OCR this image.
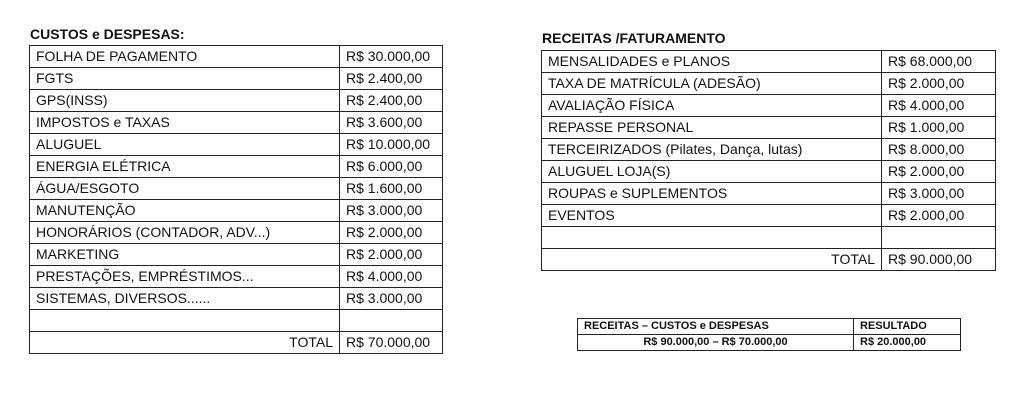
CUSTOS e DESPESAS:
FOLHA DE PAGAMENTO	R$ 30.000,00
FGTS	R$ 2.400,00
GPS(INSS)	R$ 2.400,00
IMPOSTOS e TAXAS	R$ 3.600,00
ALUGUEL	R$ 10.000,00
ENERGIA ELÉTRICA	R$ 6.000,00
ÁGUA/ESGOTO	R$ 1.600,00
MANUTENÇÃO	R$ 3.000,00
HONORÁRIOS (CONTADOR, ADV...)	R$ 2.000,00
MARKETING	R$ 2.000,00
PRESTAÇÕES, EMPRÉSTIMOS...	R$ 4.000,00
SISTEMAS, DIVERSOS......	R$ 3.000,00

TOTAL	R$ 70.000,00
RECEITAS /FATURAMENTO
MENSALIDADES e PLANOS	R$ 68.000,00
TAXA DE MATRÍCULA (ADESÃO)	R$ 2.000,00
AVALIAÇÃO FÍSICA	R$ 4.000,00
REPASSE PERSONAL	R$ 1.000,00
TERCEIRIZADOS (Pilates, Dança, lutas)	R$ 8.000,00
ALUGUEL LOJA(S)	R$ 2.000,00
ROUPAS e SUPLEMENTOS	R$ 3.000,00
EVENTOS	R$ 2.000,00

TOTAL	R$ 90.000,00
RECEITAS – CUSTOS e DESPESAS	RESULTADO
R$ 90.000,00 – R$ 70.000,00	R$ 20.000,00
